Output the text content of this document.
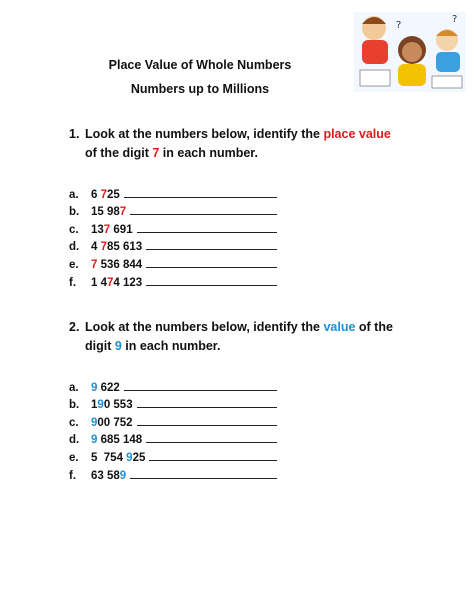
Place Value of Whole Numbers
Numbers up to Millions
?
?
1. Look at the numbers below, identify the place value
of the digit 7 in each number.
a.	6 725
b.	15 987
c.	137 691
d.	4 785 613
e.	7 536 844
f.	1 474 123
2. Look at the numbers below, identify the value of the
digit 9 in each number.
a.	9 622
b.	190 553
c.	900 752
d.	9 685 148
e.	5  754 925
f.	63 589
